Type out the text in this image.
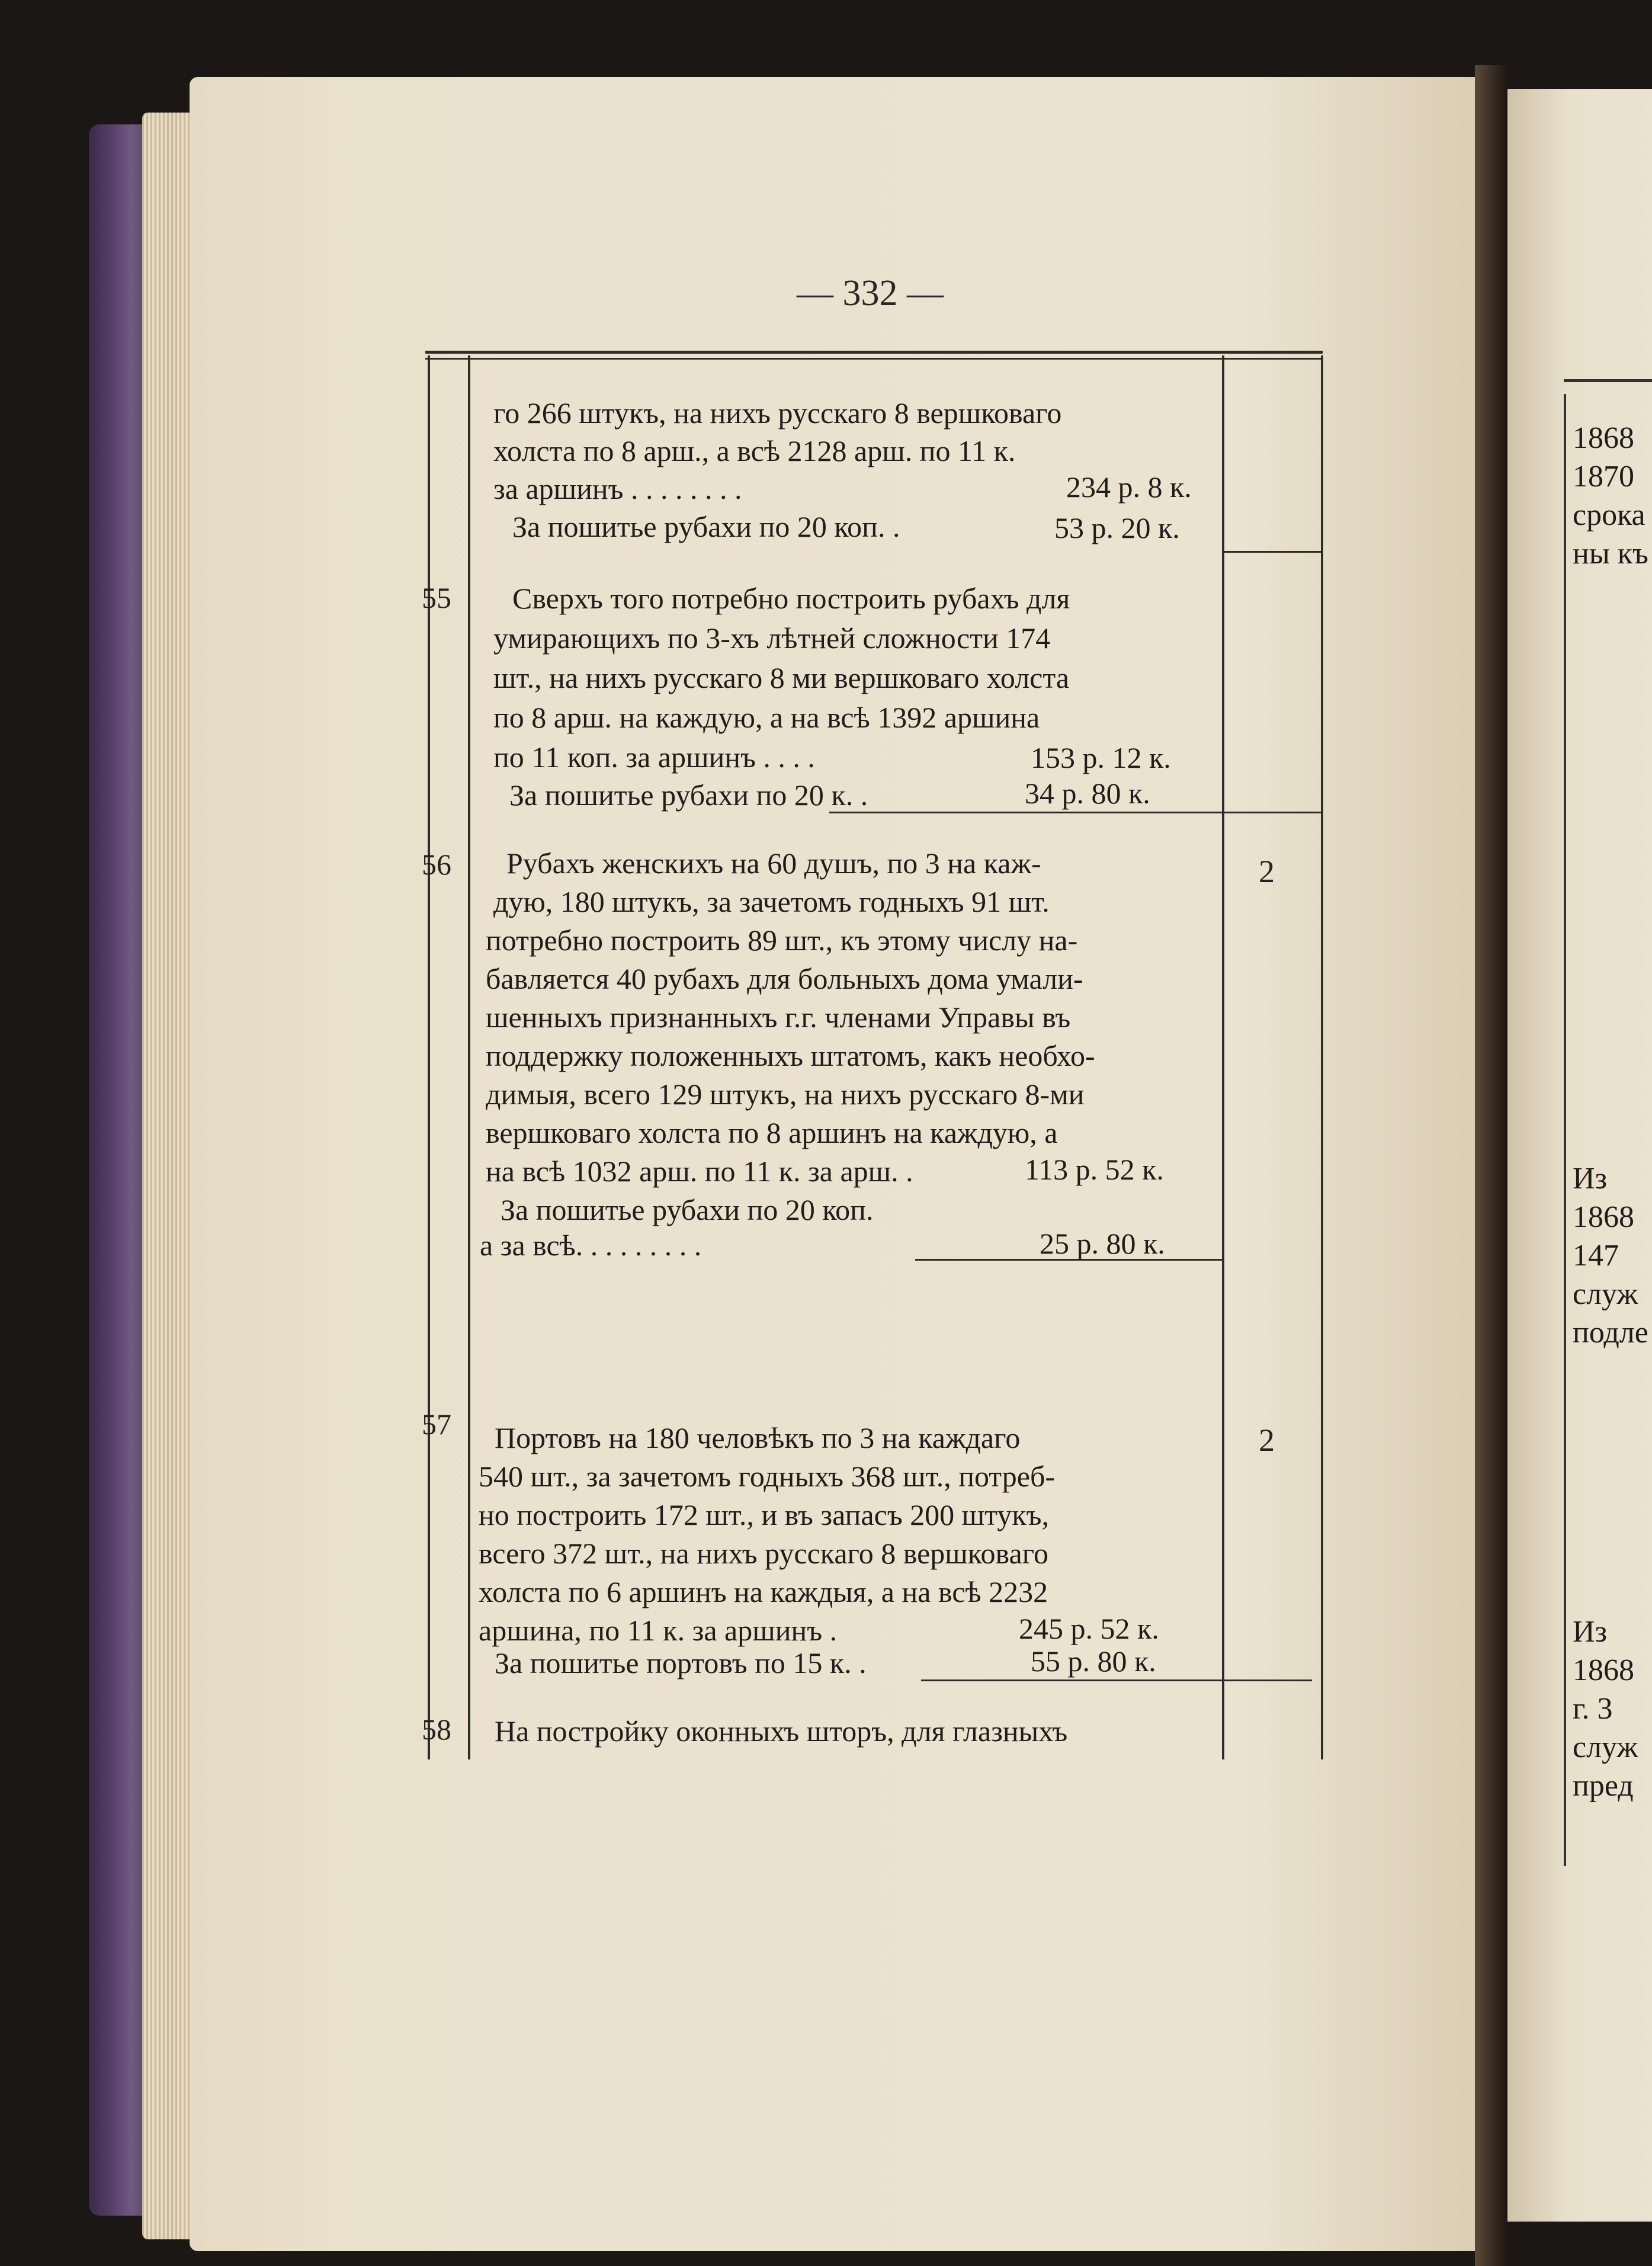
1868
1870
срока
ны къ
Из
1868
147
служ
подле
Из
1868
г. 3
служ
пред
— 332 —
го 266 штукъ, на нихъ русскаго 8 вершковаго
холста по 8 арш., а всѣ 2128 арш. по 11 к.
за аршинъ . . . . . . . .	234 р. 8 к.
За пошитье рубахи по 20 коп. .	53 р. 20 к.
55 Сверхъ того потребно построить рубахъ для
умирающихъ по 3-хъ лѣтней сложности 174
шт., на нихъ русскаго 8 ми вершковаго холста
по 8 арш. на каждую, а на всѣ 1392 аршина
по 11 коп. за аршинъ . . . .	153 р. 12 к.
За пошитье рубахи по 20 к. .	34 р. 80 к.
56	2
Рубахъ женскихъ на 60 душъ, по 3 на каж-
дую, 180 штукъ, за зачетомъ годныхъ 91 шт.
потребно построить 89 шт., къ этому числу на-
бавляется 40 рубахъ для больныхъ дома умали-
шенныхъ признанныхъ г.г. членами Управы въ
поддержку положенныхъ штатомъ, какъ необхо-
димыя, всего 129 штукъ, на нихъ русскаго 8-ми
вершковаго холста по 8 аршинъ на каждую, а
на всѣ 1032 арш. по 11 к. за арш. .	113 р. 52 к.
За пошитье рубахи по 20 коп.
а за всѣ. . . . . . . . .	25 р. 80 к.
57	2
Портовъ на 180 человѣкъ по 3 на каждаго
540 шт., за зачетомъ годныхъ 368 шт., потреб-
но построить 172 шт., и въ запасъ 200 штукъ,
всего 372 шт., на нихъ русскаго 8 вершковаго
холста по 6 аршинъ на каждыя, а на всѣ 2232
аршина, по 11 к. за аршинъ .	245 р. 52 к.
За пошитье портовъ по 15 к. .	55 р. 80 к.
58 На постройку оконныхъ шторъ, для глазныхъ
